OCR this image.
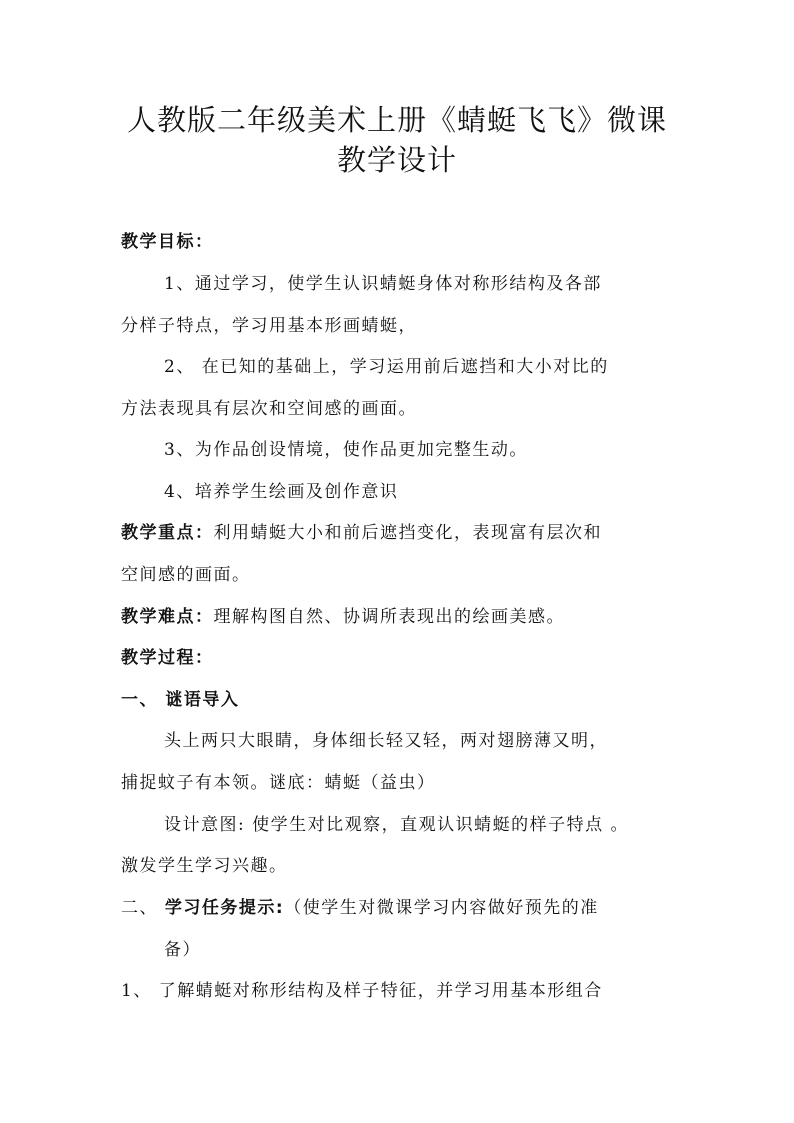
人教版二年级美术上册《蜻蜓飞飞》微课
教学设计
教学目标：
1、通过学习，使学生认识蜻蜓身体对称形结构及各部
分样子特点，学习用基本形画蜻蜓，
2、 在已知的基础上，学习运用前后遮挡和大小对比的
方法表现具有层次和空间感的画面。
3、为作品创设情境，使作品更加完整生动。
4、培养学生绘画及创作意识
教学重点：利用蜻蜓大小和前后遮挡变化，表现富有层次和
空间感的画面。
教学难点：理解构图自然、协调所表现出的绘画美感。
教学过程：
一、 谜语导入
头上两只大眼睛，身体细长轻又轻，两对翅膀薄又明，
捕捉蚊子有本领。谜底：蜻蜓（益虫）
设计意图: 使学生对比观察，直观认识蜻蜓的样子特点 。
激发学生学习兴趣。
二、 学习任务提示:（使学生对微课学习内容做好预先的准
备）
1、 了解蜻蜓对称形结构及样子特征，并学习用基本形组合
